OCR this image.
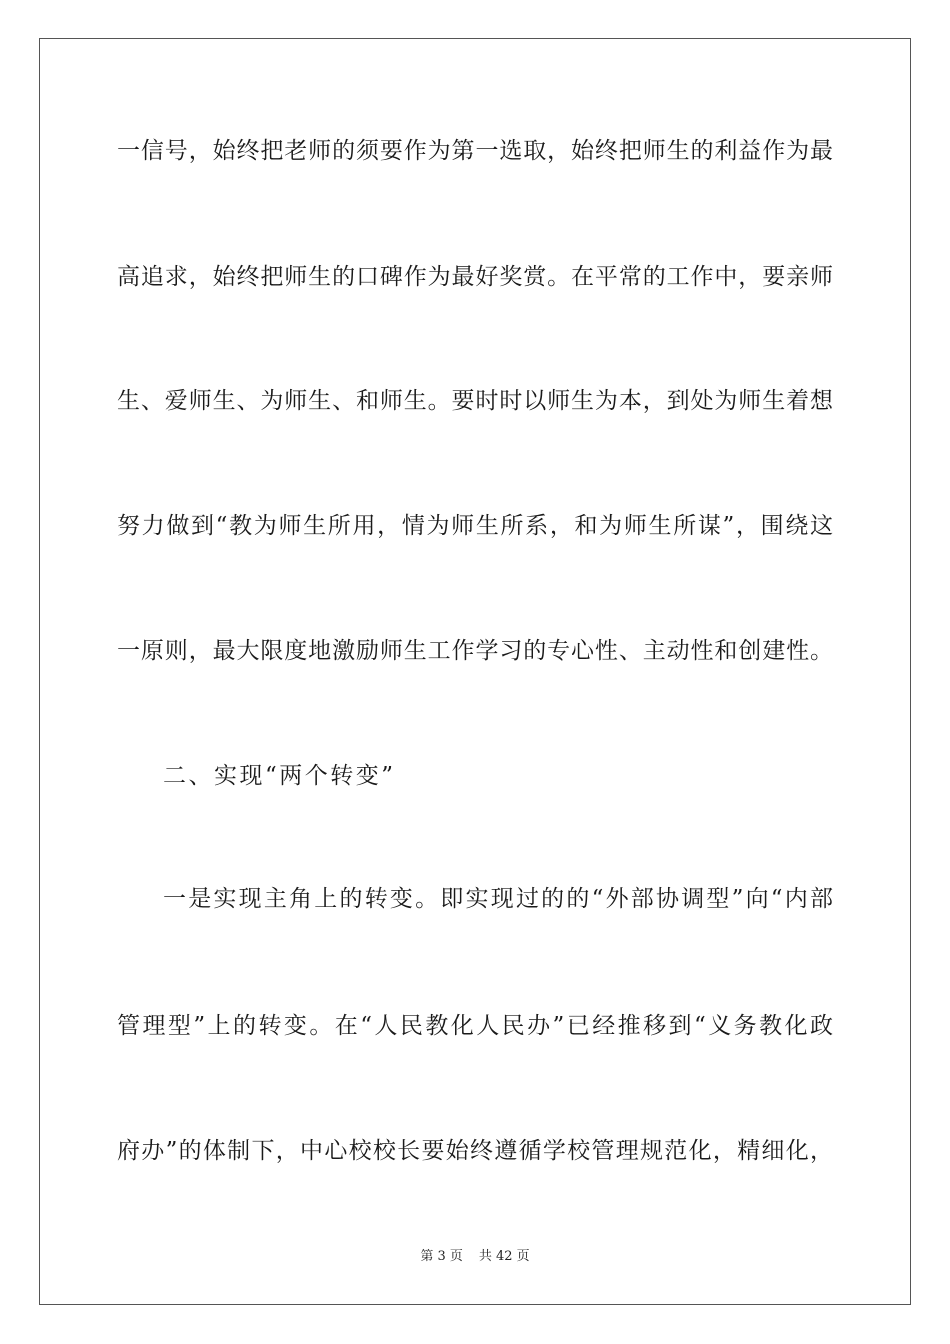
一信号，始终把老师的须要作为第一选取，始终把师生的利益作为最
高追求，始终把师生的口碑作为最好奖赏。在平常的工作中，要亲师
生、爱师生、为师生、和师生。要时时以师生为本，到处为师生着想
努力做到“教为师生所用，情为师生所系，和为师生所谋”，围绕这
一原则，最大限度地激励师生工作学习的专心性、主动性和创建性。
二、实现“两个转变”
一是实现主角上的转变。即实现过的的“外部协调型”向“内部
管理型”上的转变。在“人民教化人民办”已经推移到“义务教化政
府办”的体制下，中心校校长要始终遵循学校管理规范化，精细化，
第 3 页 共 42 页
